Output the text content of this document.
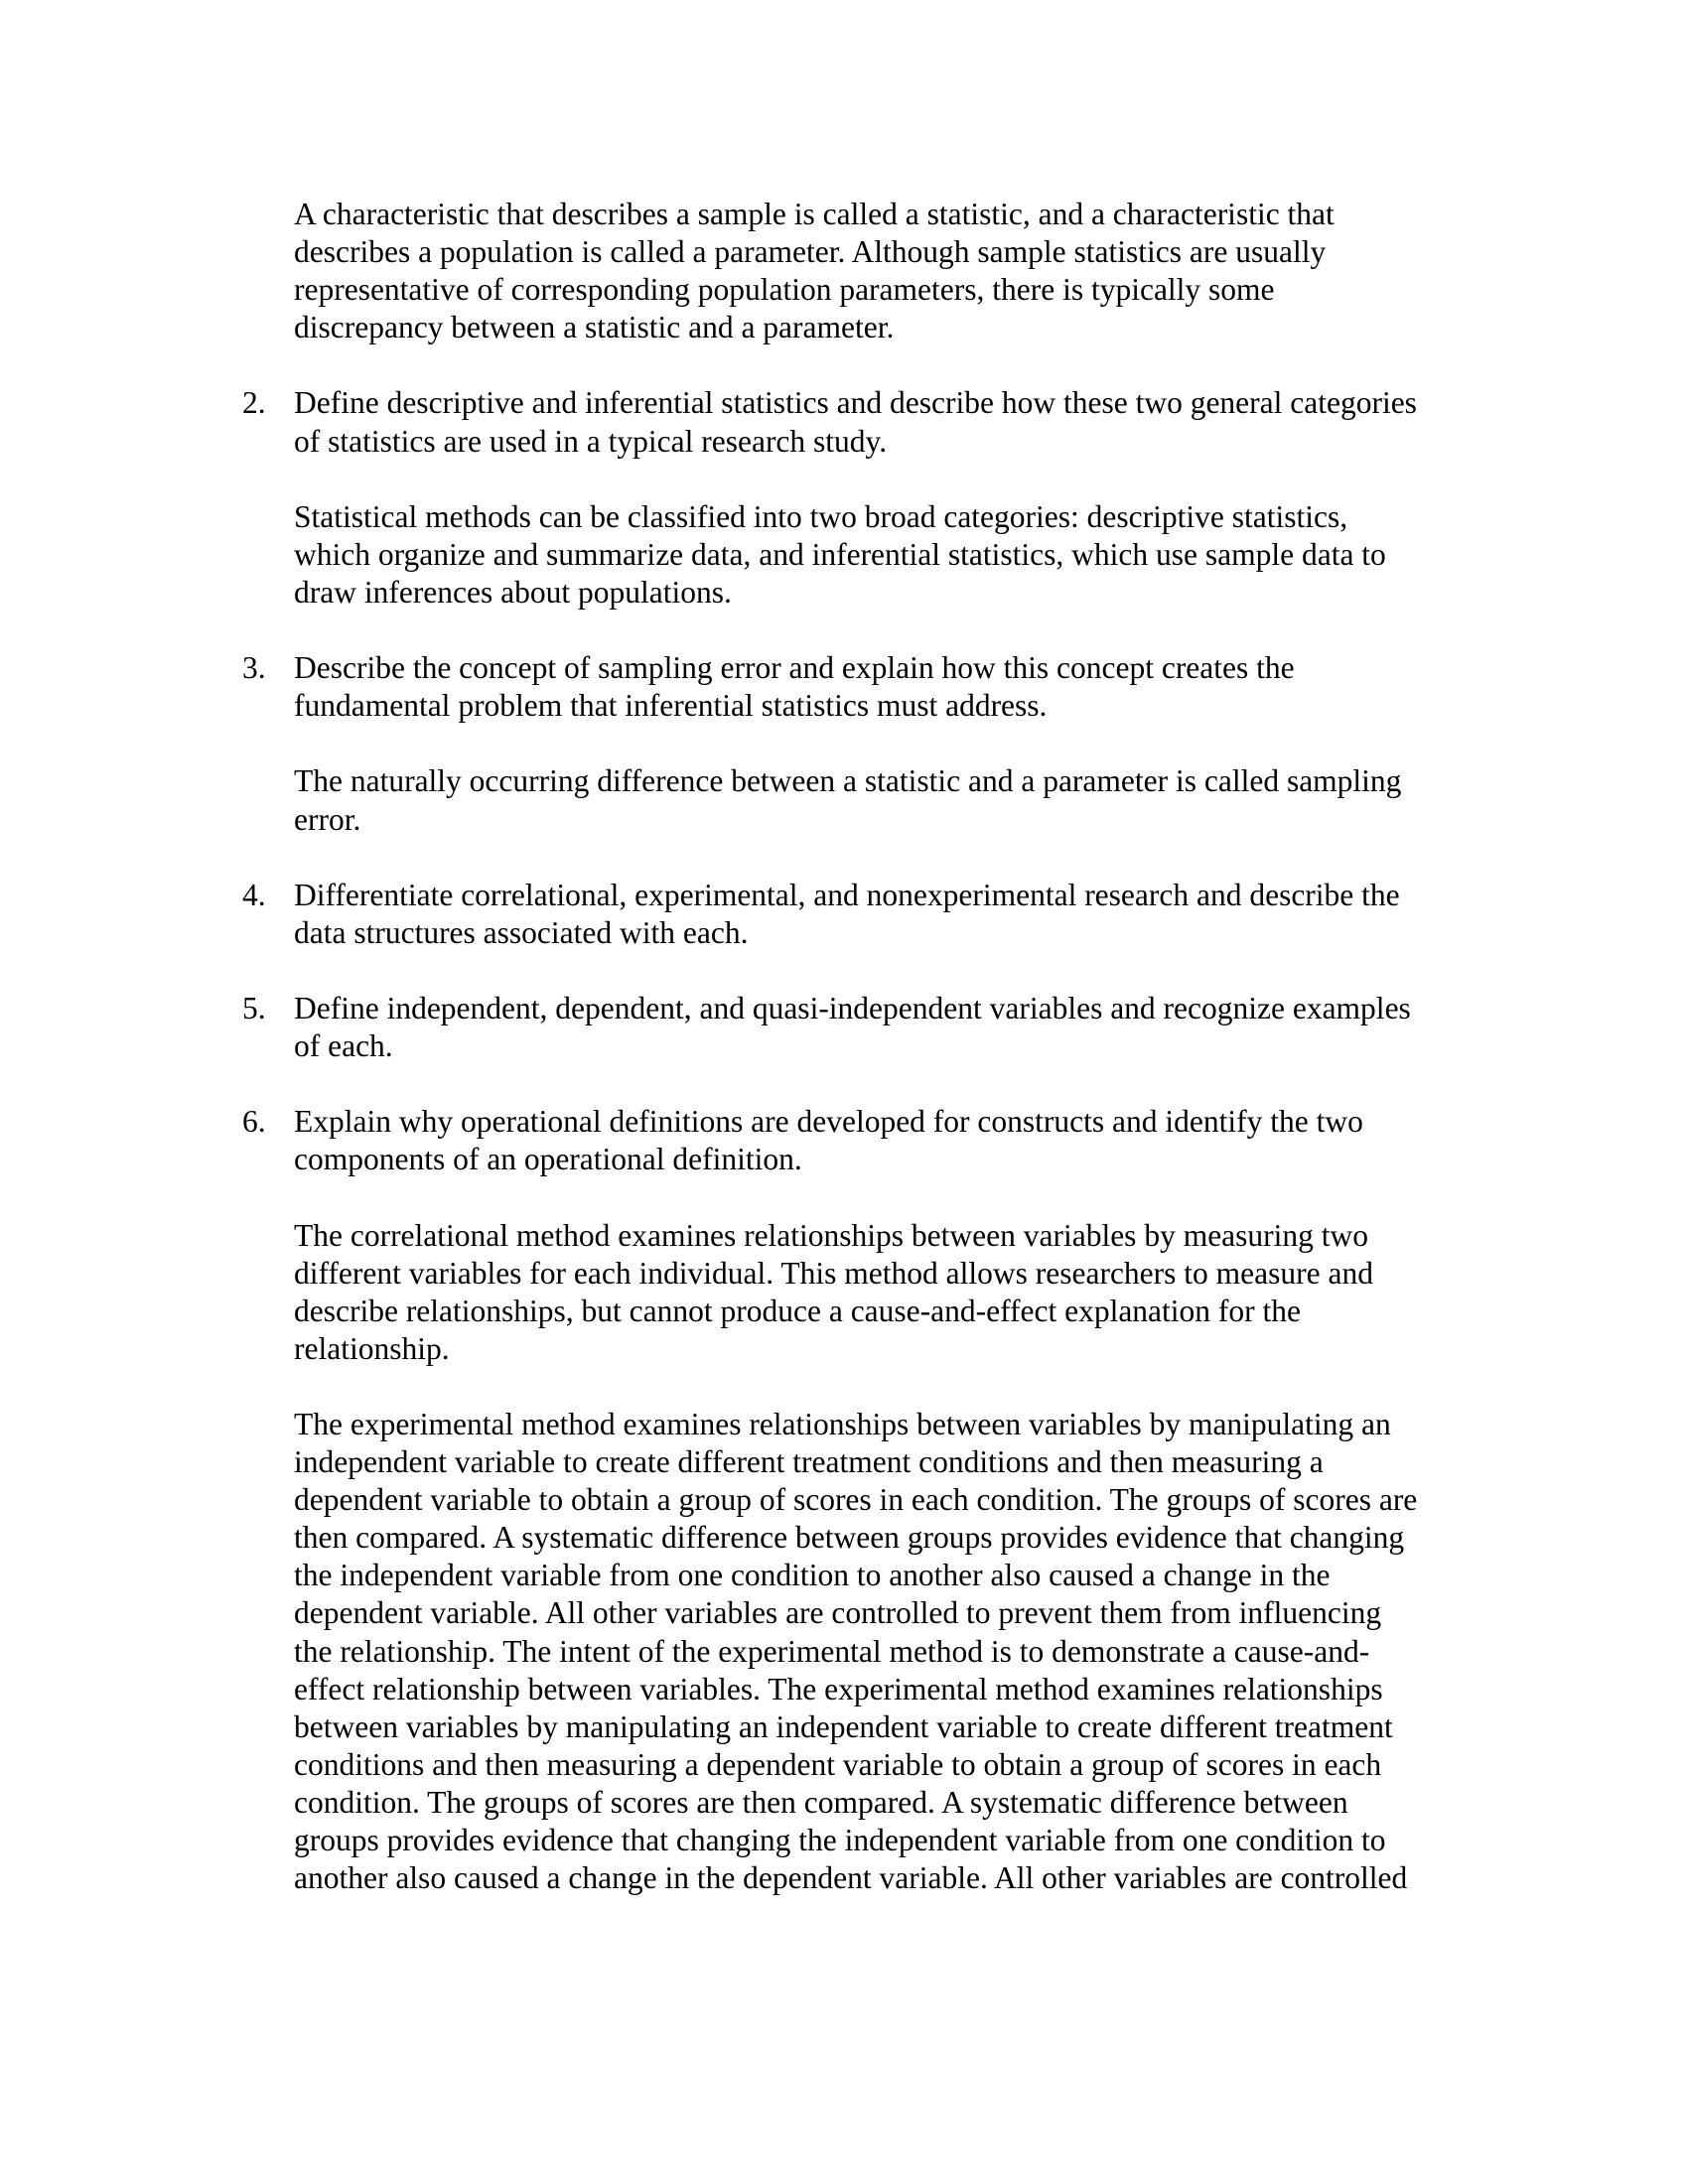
A characteristic that describes a sample is called a statistic, and a characteristic that
describes a population is called a parameter. Although sample statistics are usually
representative of corresponding population parameters, there is typically some
discrepancy between a statistic and a parameter.

2. Define descriptive and inferential statistics and describe how these two general categories
of statistics are used in a typical research study.

Statistical methods can be classified into two broad categories: descriptive statistics,
which organize and summarize data, and inferential statistics, which use sample data to
draw inferences about populations.

3. Describe the concept of sampling error and explain how this concept creates the
fundamental problem that inferential statistics must address.

The naturally occurring difference between a statistic and a parameter is called sampling
error.

4. Differentiate correlational, experimental, and nonexperimental research and describe the
data structures associated with each.
5. Define independent, dependent, and quasi-independent variables and recognize examples
of each.
6. Explain why operational definitions are developed for constructs and identify the two
components of an operational definition.

The correlational method examines relationships between variables by measuring two
different variables for each individual. This method allows researchers to measure and
describe relationships, but cannot produce a cause-and-effect explanation for the
relationship.

The experimental method examines relationships between variables by manipulating an
independent variable to create different treatment conditions and then measuring a
dependent variable to obtain a group of scores in each condition. The groups of scores are
then compared. A systematic difference between groups provides evidence that changing
the independent variable from one condition to another also caused a change in the
dependent variable. All other variables are controlled to prevent them from influencing
the relationship. The intent of the experimental method is to demonstrate a cause-and-
effect relationship between variables. The experimental method examines relationships
between variables by manipulating an independent variable to create different treatment
conditions and then measuring a dependent variable to obtain a group of scores in each
condition. The groups of scores are then compared. A systematic difference between
groups provides evidence that changing the independent variable from one condition to
another also caused a change in the dependent variable. All other variables are controlled
